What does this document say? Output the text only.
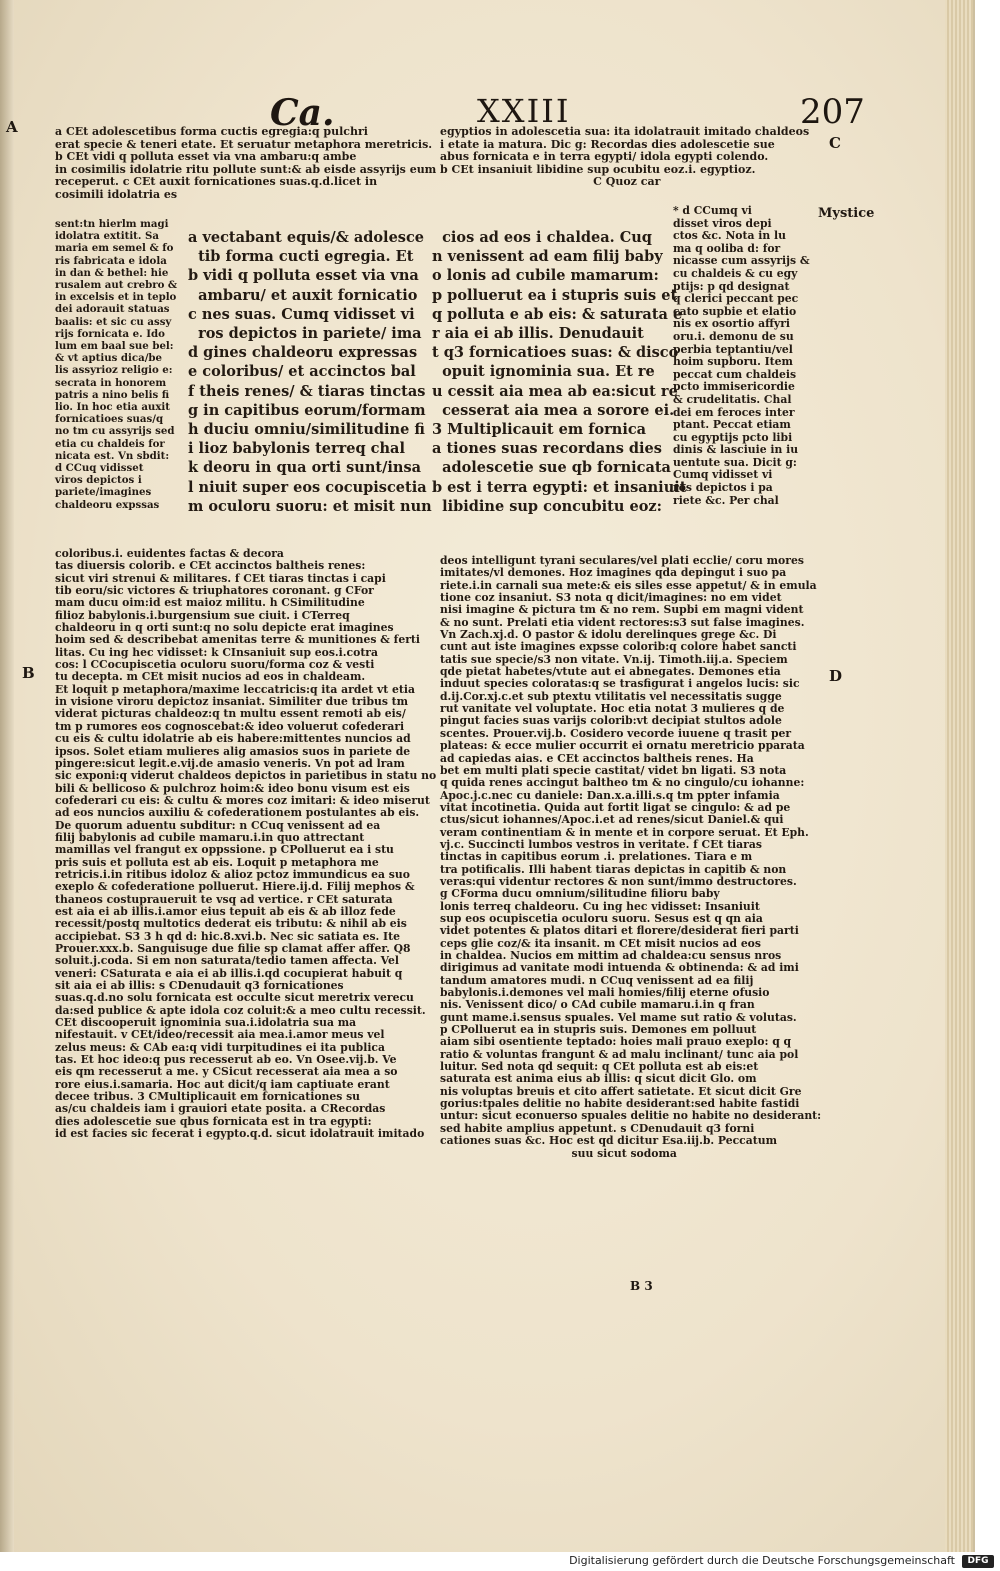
Ca.	XXIII	207
A
B
C
D
Mystice
a CEt adolescetibus forma cuctis egregia:q pulchri
erat specie & teneri etate. Et seruatur metaphora meretricis.
b CEt vidi q polluta esset via vna ambaru:q ambe
in cosimilis idolatrie ritu pollute sunt:& ab eisde assyrijs eum
receperut. c CEt auxit fornicationes suas.q.d.licet in
cosimili idolatria es
egyptios in adolescetia sua: ita idolatrauit imitado chaldeos
i etate ia matura. Dic g: Recordas dies adolescetie sue
abus fornicata e in terra egypti/ idola egypti colendo.
b CEt insaniuit libidine sup ocubitu eoz.i. egyptioz.
C Quoz car
sent:tn hierlm magi
idolatra extitit. Sa
maria em semel & fo
ris fabricata e idola
in dan & bethel: hie
rusalem aut crebro &
in excelsis et in teplo
dei adorauit statuas
baalis: et sic cu assy
rijs fornicata e. Ido
lum em baal sue bel:
& vt aptius dica/be
lis assyrioz religio e:
secrata in honorem
patris a nino belis fi
lio. In hoc etia auxit
fornicatioes suas/q
no tm cu assyrijs sed
etia cu chaldeis for
nicata est. Vn sbdit:
d CCuq vidisset
viros depictos i
pariete/imagines
chaldeoru expssas
a vectabant equis/& adolesce
tib forma cucti egregia. Et
b vidi q polluta esset via vna
ambaru/ et auxit fornicatio
c nes suas. Cumq vidisset vi
ros depictos in pariete/ ima
d gines chaldeoru expressas
e coloribus/ et accinctos bal
f theis renes/ & tiaras tinctas
g in capitibus eorum/formam
h duciu omniu/similitudine fi
i lioz babylonis terreq chal
k deoru in qua orti sunt/insa
l niuit super eos cocupiscetia
m oculoru suoru: et misit nun
cios ad eos i chaldea. Cuq
n venissent ad eam filij baby
o lonis ad cubile mamarum:
p polluerut ea i stupris suis et
q polluta e ab eis: & saturata e
r aia ei ab illis. Denudauit
t q3 fornicatioes suas: & disco
opuit ignominia sua. Et re
u cessit aia mea ab ea:sicut re
cesserat aia mea a sorore ei.
3 Multiplicauit em fornica
a tiones suas recordans dies
adolescetie sue qb fornicata
b est i terra egypti: et insaniuit
libidine sup concubitu eoz:
* d CCumq vi
disset viros depi
ctos &c. Nota in lu
ma q ooliba d: for
nicasse cum assyrijs &
cu chaldeis & cu egy
ptijs: p qd designat
q clerici peccant pec
cato supbie et elatio
nis ex osortio affyri
oru.i. demonu de su
perbia teptantiu/vel
hoim supboru. Item
peccat cum chaldeis
pcto immisericordie
& crudelitatis. Chal
dei em feroces inter
ptant. Peccat etiam
cu egyptijs pcto libi
dinis & lasciuie in iu
uentute sua. Dicit g:
Cumq vidisset vi
ros depictos i pa
riete &c. Per chal
coloribus.i. euidentes factas & decora
tas diuersis colorib. e CEt accinctos baltheis renes:
sicut viri strenui & militares. f CEt tiaras tinctas i capi
tib eoru/sic victores & triuphatores coronant. g CFor
mam ducu oim:id est maioz militu. h CSimilitudine
filioz babylonis.i.burgensium sue ciuit. i CTerreq
chaldeoru in q orti sunt:q no solu depicte erat imagines
hoim sed & describebat amenitas terre & munitiones & ferti
litas. Cu ing hec vidisset: k CInsaniuit sup eos.i.cotra
cos: l CCocupiscetia oculoru suoru/forma coz & vesti
tu decepta. m CEt misit nucios ad eos in chaldeam.
Et loquit p metaphora/maxime leccatricis:q ita ardet vt etia
in visione viroru depictoz insaniat. Similiter due tribus tm
viderat picturas chaldeoz:q tn multu essent remoti ab eis/
tm p rumores eos cognoscebat:& ideo voluerut cofederari
cu eis & cultu idolatrie ab eis habere:mittentes nuncios ad
ipsos. Solet etiam mulieres alig amasios suos in pariete de
pingere:sicut legit.e.vij.de amasio veneris. Vn pot ad lram
sic exponi:q viderut chaldeos depictos in parietibus in statu no
bili & bellicoso & pulchroz hoim:& ideo bonu visum est eis
cofederari cu eis: & cultu & mores coz imitari: & ideo miserut
ad eos nuncios auxiliu & cofederationem postulantes ab eis.
De quorum aduentu subditur: n CCuq venissent ad ea
filij babylonis ad cubile mamaru.i.in quo attrectant
mamillas vel frangut ex oppssione. p CPolluerut ea i stu
pris suis et polluta est ab eis. Loquit p metaphora me
retricis.i.in ritibus idoloz & alioz pctoz immundicus ea suo
exeplo & cofederatione polluerut. Hiere.ij.d. Filij mephos &
thaneos costupraueruit te vsq ad vertice. r CEt saturata
est aia ei ab illis.i.amor eius tepuit ab eis & ab illoz fede
recessit/postq multotics dederat eis tributu: & nihil ab eis
accipiebat. S3 3 h qd d: hic.8.xvi.b. Nec sic satiata es. Ite
Prouer.xxx.b. Sanguisuge due filie sp clamat affer affer. Q8
soluit.j.coda. Si em non saturata/tedio tamen affecta. Vel
veneri: CSaturata e aia ei ab illis.i.qd cocupierat habuit q
sit aia ei ab illis: s CDenudauit q3 fornicationes
suas.q.d.no solu fornicata est occulte sicut meretrix verecu
da:sed publice & apte idola coz coluit:& a meo cultu recessit.
CEt discooperuit ignominia sua.i.idolatria sua ma
nifestauit. v CEt/ideo/recessit aia mea.i.amor meus vel
zelus meus: & CAb ea:q vidi turpitudines ei ita publica
tas. Et hoc ideo:q pus recesserut ab eo. Vn Osee.vij.b. Ve
eis qm recesserut a me. y CSicut recesserat aia mea a so
rore eius.i.samaria. Hoc aut dicit/q iam captiuate erant
decee tribus. 3 CMultiplicauit em fornicationes su
as/cu chaldeis iam i grauiori etate posita. a CRecordas
dies adolescetie sue qbus fornicata est in tra egypti:
id est facies sic fecerat i egypto.q.d. sicut idolatrauit imitado
deos intelligunt tyrani seculares/vel plati ecclie/ coru mores
imitates/vl demones. Hoz imagines qda depingut i suo pa
riete.i.in carnali sua mete:& eis siles esse appetut/ & in emula
tione coz insaniut. S3 nota q dicit/imagines: no em videt
nisi imagine & pictura tm & no rem. Supbi em magni vident
& no sunt. Prelati etia vident rectores:s3 sut false imagines.
Vn Zach.xj.d. O pastor & idolu derelinques grege &c. Di
cunt aut iste imagines expsse colorib:q colore habet sancti
tatis sue specie/s3 non vitate. Vn.ij. Timoth.iij.a. Speciem
qde pietat habetes/vtute aut ei abnegates. Demones etia
induut species coloratas:q se trasfigurat i angelos lucis: sic
d.ij.Cor.xj.c.et sub ptextu vtilitatis vel necessitatis sugge
rut vanitate vel voluptate. Hoc etia notat 3 mulieres q de
pingut facies suas varijs colorib:vt decipiat stultos adole
scentes. Prouer.vij.b. Cosidero vecorde iuuene q trasit per
plateas: & ecce mulier occurrit ei ornatu meretricio pparata
ad capiedas aias. e CEt accinctos baltheis renes. Ha
bet em multi plati specie castitat/ videt bn ligati. S3 nota
q quida renes accingut baltheo tm & no cingulo/cu iohanne:
Apoc.j.c.nec cu daniele: Dan.x.a.illi.s.q tm ppter infamia
vitat incotinetia. Quida aut fortit ligat se cingulo: & ad pe
ctus/sicut iohannes/Apoc.i.et ad renes/sicut Daniel.& qui
veram continentiam & in mente et in corpore seruat. Et Eph.
vj.c. Succincti lumbos vestros in veritate. f CEt tiaras
tinctas in capitibus eorum .i. prelationes. Tiara e m
tra potificalis. Illi habent tiaras depictas in capitib & non
veras:qui videntur rectores & non sunt/immo destructores.
g CForma ducu omnium/silitudine filioru baby
lonis terreq chaldeoru. Cu ing hec vidisset: Insaniuit
sup eos ocupiscetia oculoru suoru. Sesus est q qn aia
videt potentes & platos ditari et florere/desiderat fieri parti
ceps glie coz/& ita insanit. m CEt misit nucios ad eos
in chaldea. Nucios em mittim ad chaldea:cu sensus nros
dirigimus ad vanitate modi intuenda & obtinenda: & ad imi
tandum amatores mudi. n CCuq venissent ad ea filij
babylonis.i.demones vel mali homies/filij eterne ofusio
nis. Venissent dico/ o CAd cubile mamaru.i.in q fran
gunt mame.i.sensus spuales. Vel mame sut ratio & volutas.
p CPolluerut ea in stupris suis. Demones em polluut
aiam sibi osentiente teptado: hoies mali prauo exeplo: q q
ratio & voluntas frangunt & ad malu inclinant/ tunc aia pol
luitur. Sed nota qd sequit: q CEt polluta est ab eis:et
saturata est anima eius ab illis: q sicut dicit Glo. om
nis voluptas breuis et cito affert satietate. Et sicut dicit Gre
gorius:tpales delitie no habite desiderant:sed habite fastidi
untur: sicut econuerso spuales delitie no habite no desiderant:
sed habite amplius appetunt. s CDenudauit q3 forni
cationes suas &c. Hoc est qd dicitur Esa.iij.b. Peccatum
suu sicut sodoma
B 3
Digitalisierung gefördert durch die Deutsche Forschungsgemeinschaft	DFG
